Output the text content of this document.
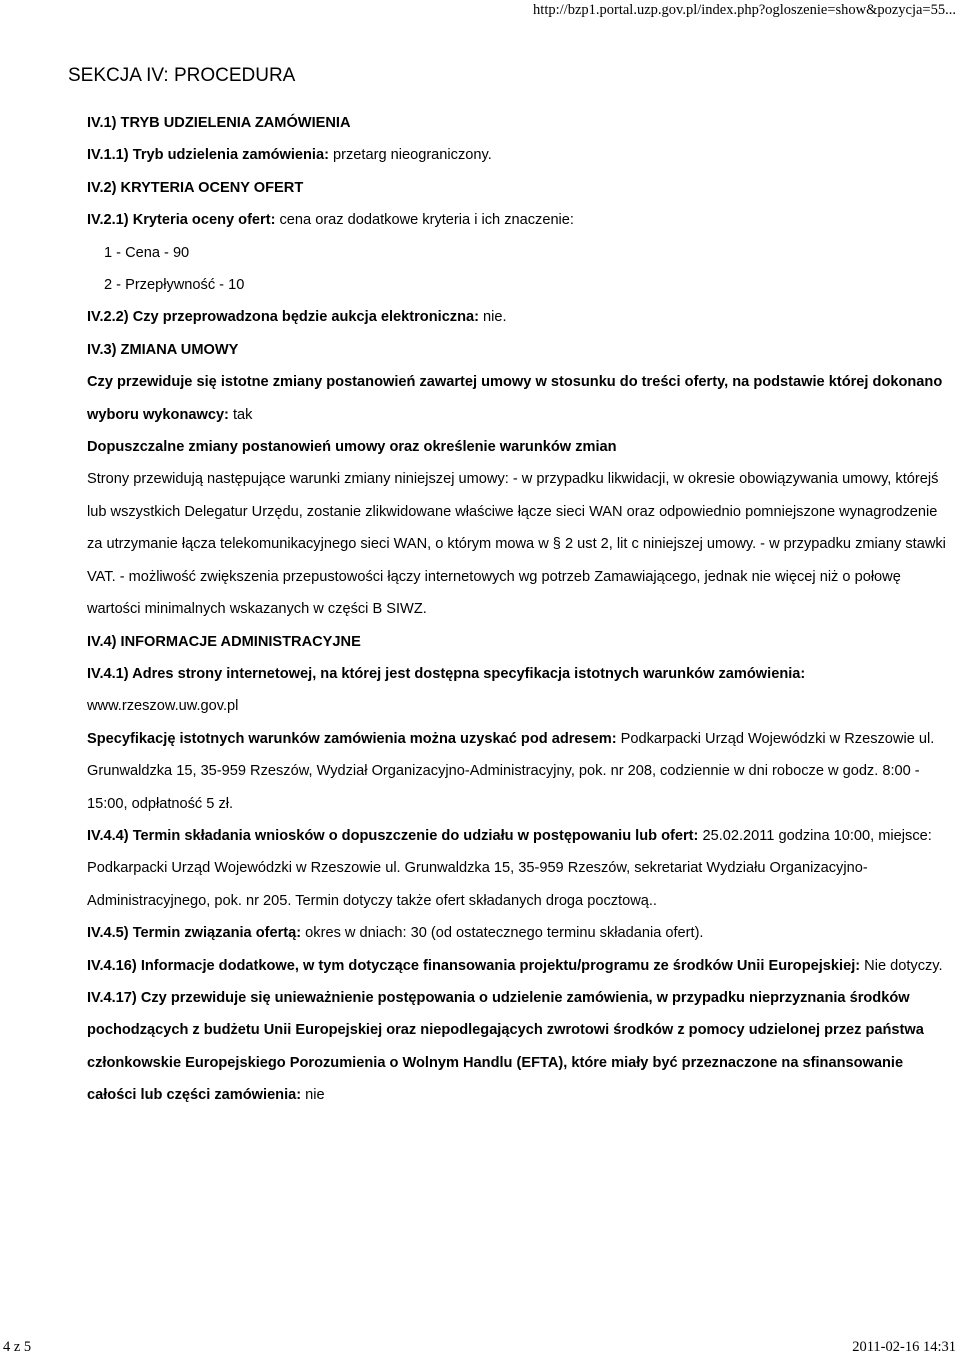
http://bzp1.portal.uzp.gov.pl/index.php?ogloszenie=show&pozycja=55...
SEKCJA IV: PROCEDURA

IV.1) TRYB UDZIELENIA ZAMÓWIENIA

IV.1.1) Tryb udzielenia zamówienia: przetarg nieograniczony.

IV.2) KRYTERIA OCENY OFERT

IV.2.1) Kryteria oceny ofert: cena oraz dodatkowe kryteria i ich znaczenie:

1 - Cena - 90

2 - Przepływność - 10

IV.2.2) Czy przeprowadzona będzie aukcja elektroniczna: nie.

IV.3) ZMIANA UMOWY

Czy przewiduje się istotne zmiany postanowień zawartej umowy w stosunku do treści oferty, na podstawie której dokonano wyboru wykonawcy: tak

Dopuszczalne zmiany postanowień umowy oraz określenie warunków zmian

Strony przewidują następujące warunki zmiany niniejszej umowy: - w przypadku likwidacji, w okresie obowiązywania umowy, którejś lub wszystkich Delegatur Urzędu, zostanie zlikwidowane właściwe łącze sieci WAN oraz odpowiednio pomniejszone wynagrodzenie za utrzymanie łącza telekomunikacyjnego sieci WAN, o którym mowa w § 2 ust 2, lit c niniejszej umowy. - w przypadku zmiany stawki VAT. - możliwość zwiększenia przepustowości łączy internetowych wg potrzeb Zamawiającego, jednak nie więcej niż o połowę wartości minimalnych wskazanych w części B SIWZ.

IV.4) INFORMACJE ADMINISTRACYJNE

IV.4.1) Adres strony internetowej, na której jest dostępna specyfikacja istotnych warunków zamówienia:

www.rzeszow.uw.gov.pl

Specyfikację istotnych warunków zamówienia można uzyskać pod adresem: Podkarpacki Urząd Wojewódzki w Rzeszowie ul. Grunwaldzka 15, 35-959 Rzeszów, Wydział Organizacyjno-Administracyjny, pok. nr 208, codziennie w dni robocze w godz. 8:00 - 15:00, odpłatność 5 zł.

IV.4.4) Termin składania wniosków o dopuszczenie do udziału w postępowaniu lub ofert: 25.02.2011 godzina 10:00, miejsce: Podkarpacki Urząd Wojewódzki w Rzeszowie ul. Grunwaldzka 15, 35-959 Rzeszów, sekretariat Wydziału Organizacyjno-Administracyjnego, pok. nr 205. Termin dotyczy także ofert składanych droga pocztową..

IV.4.5) Termin związania ofertą: okres w dniach: 30 (od ostatecznego terminu składania ofert).

IV.4.16) Informacje dodatkowe, w tym dotyczące finansowania projektu/programu ze środków Unii Europejskiej: Nie dotyczy.

IV.4.17) Czy przewiduje się unieważnienie postępowania o udzielenie zamówienia, w przypadku nieprzyznania środków pochodzących z budżetu Unii Europejskiej oraz niepodlegających zwrotowi środków z pomocy udzielonej przez państwa członkowskie Europejskiego Porozumienia o Wolnym Handlu (EFTA), które miały być przeznaczone na sfinansowanie całości lub części zamówienia: nie

4 z 5	2011-02-16 14:31
